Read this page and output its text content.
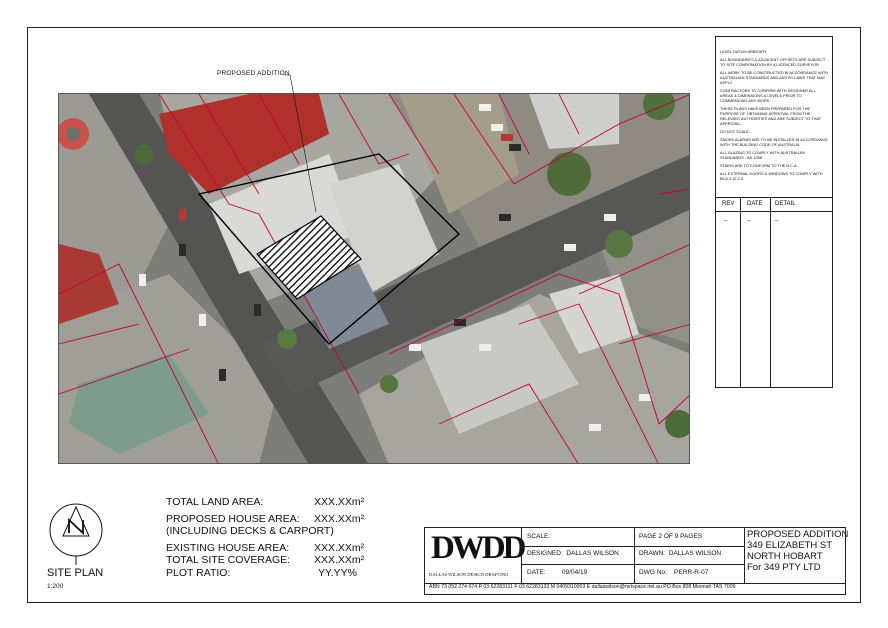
PROPOSED ADDITION

LEVEL DATUM ARBITARY.

ALL BOUNDARIES & ADJACENT OFFSETS ARE SUBJECT TO SITE CONFIRMATION BY A LICENCED SURVEYOR

ALL WORK TO BE CONSTRUCTED IN ACCORDANCE WITH AUSTRALIAN STANDARDS AND ANY BY-LAWS THAT MAY APPLY.

CONTRACTORS TO CONFIRM WITH DESIGNER ALL AREAS & DIMENSIONS & LEVELS PRIOR TO COMMENCING ANY WORK.

THESE PLANS HAVE BEEN PREPARED FOR THE PURPOSE OF OBTAINING APPROVAL FROM THE RELEVANT AUTHORITIES AND ARE SUBJECT TO THAT APPROVAL.

DO NOT SCALE.

SMOKE ALARMS ARE TO BE INSTALLED IN ACCORDANCE WITH THE BUILDING CODE OF AUSTRALIA

ALL GLAZING TO COMPLY WITH AUSTRALIAN STANDARDS - AS 1288

STAIRS ARE TO CONFORM TO THE B.C.A.

ALL EXTERNAL DOORS & WINDOWS TO COMPLY WITH BCA 3.12.3.3

REV DATE DETAIL
–	–	–
SITE PLAN
1:200
TOTAL LAND AREA:	XXX.XXm²
PROPOSED HOUSE AREA: XXX.XXm²
(INCLUDING DECKS & CARPORT)
EXISTING HOUSE AREA: XXX.XXm²
TOTAL SITE COVERAGE: XXX.XXm²
PLOT RATIO:	YY.YY%
DWDD
DALLAS WILSON DESIGN DRAFTING
SCALE:	PAGE 2 OF 9 PAGES
DESIGNED: DALLAS WILSON	DRAWN: DALLAS WILSON
DATE:	09/04/19	DWG No: PERR-R-07
PROPOSED ADDITION
349 ELIZABETH ST
NORTH HOBART
For 349 PTY LTD
ABN 73 052 274 674 P 03 62283111 F 03 62283133 M 0409310003 E dallaswilson@netspace.net.au PO Box 808 Moonah TAS 7009
